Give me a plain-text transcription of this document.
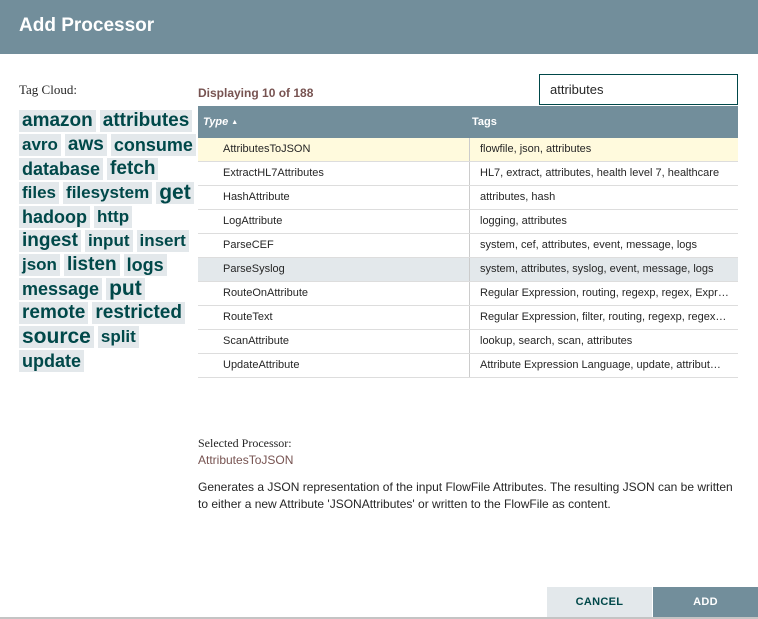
Add Processor
Tag Cloud:
amazon attributes
avro aws consume
database fetch
files filesystem get
hadoop http
ingest input insert
json listen logs
message put
remote restricted
source split
update
Displaying 10 of 188
attributes
Type ▲	Tags
AttributesToJSON	flowfile, json, attributes
ExtractHL7Attributes	HL7, extract, attributes, health level 7, healthcare
HashAttribute	attributes, hash
LogAttribute	logging, attributes
ParseCEF	system, cef, attributes, event, message, logs
ParseSyslog	system, attributes, syslog, event, message, logs
RouteOnAttribute	Regular Expression, routing, regexp, regex, Expr…
RouteText	Regular Expression, filter, routing, regexp, regex…
ScanAttribute	lookup, search, scan, attributes
UpdateAttribute	Attribute Expression Language, update, attribut…
Selected Processor:
AttributesToJSON
Generates a JSON representation of the input FlowFile Attributes. The resulting JSON can be written to either a new Attribute 'JSONAttributes' or written to the FlowFile as content.
CANCEL	ADD
